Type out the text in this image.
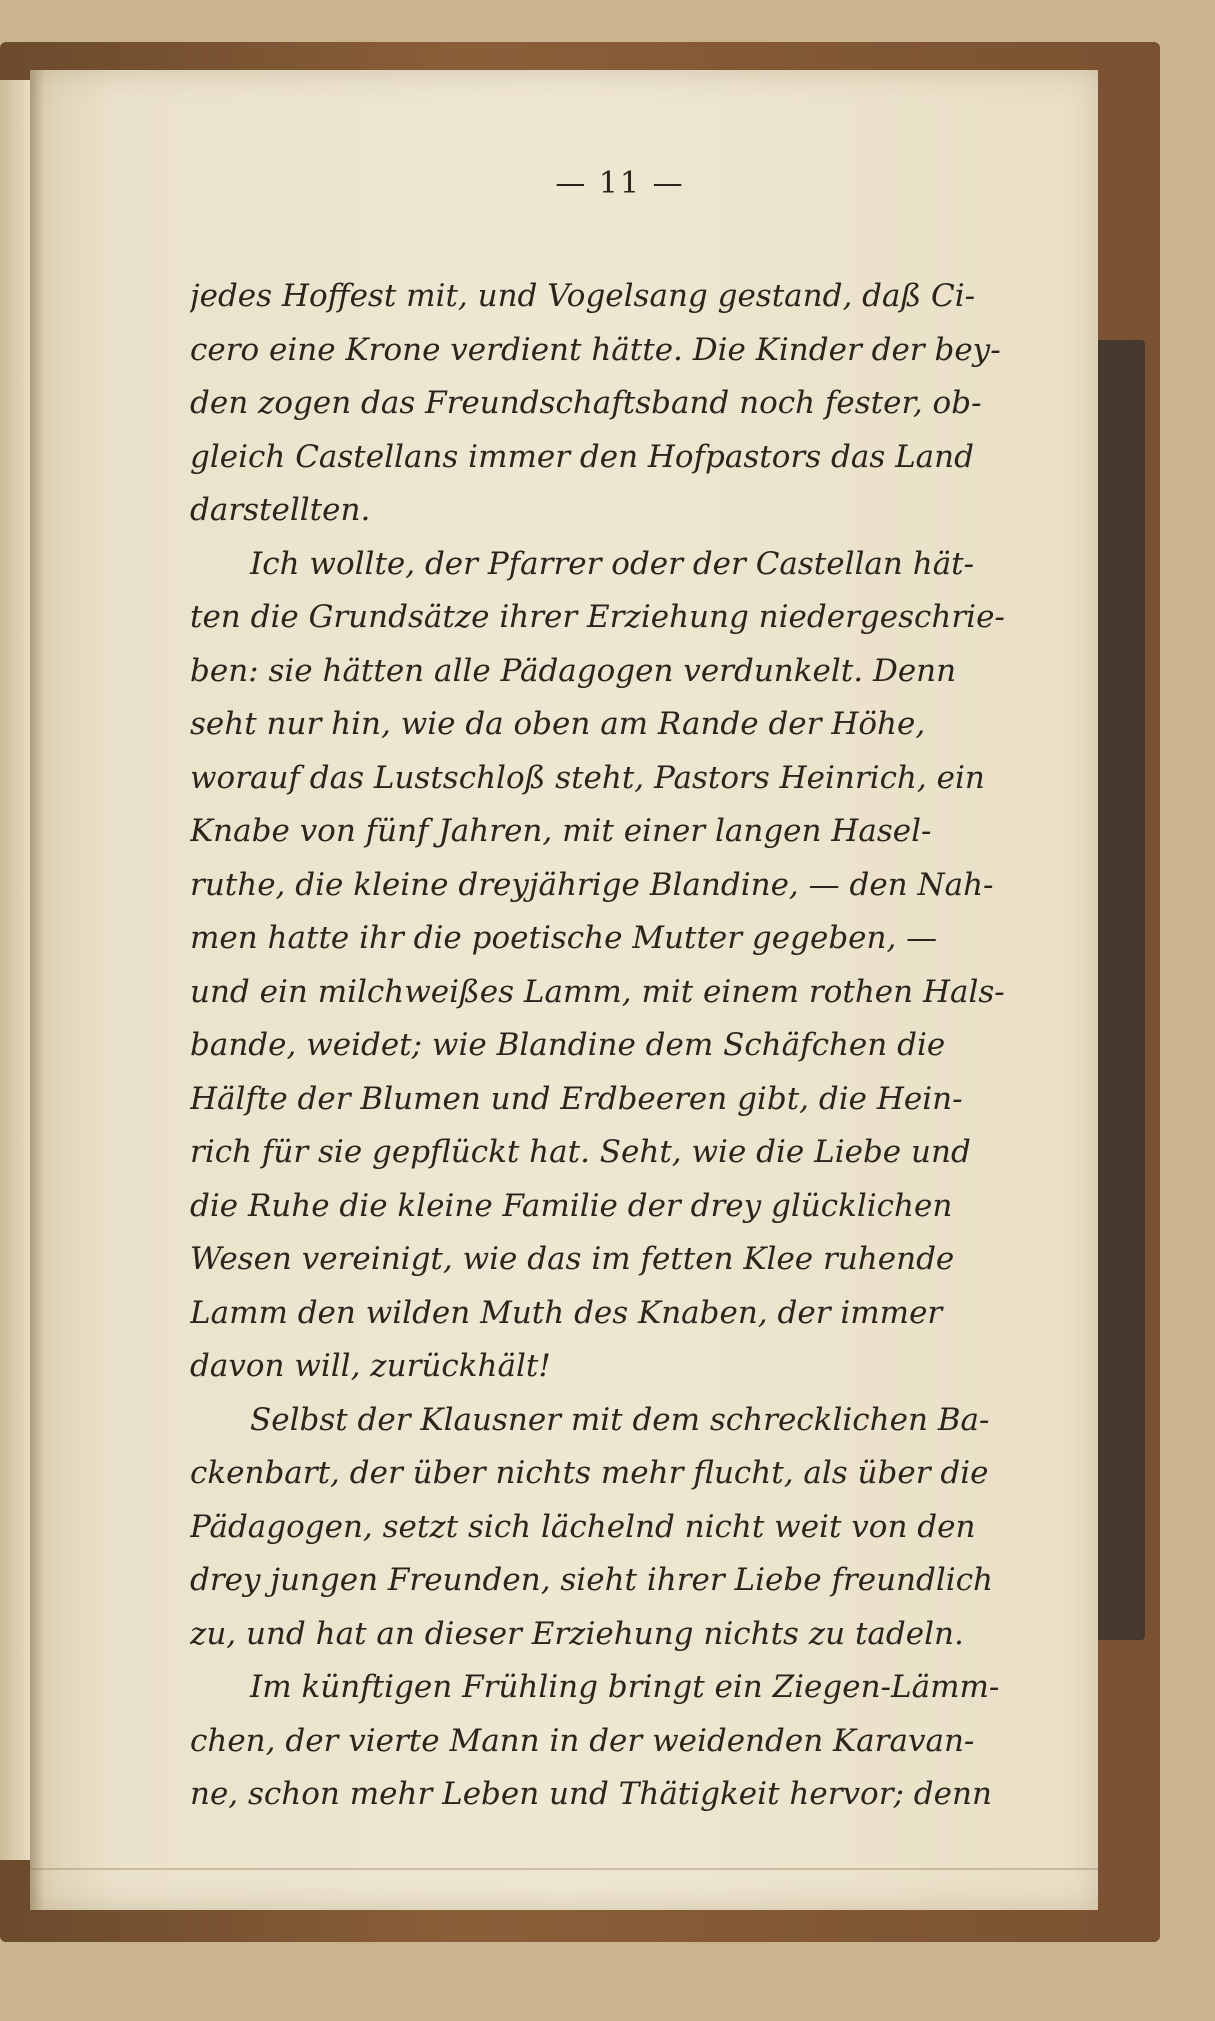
— 11 —
jedes Hoffest mit, und Vogelsang gestand, daß Ci-
cero eine Krone verdient hätte. Die Kinder der bey-
den zogen das Freundschaftsband noch fester, ob-
gleich Castellans immer den Hofpastors das Land
darstellten.
Ich wollte, der Pfarrer oder der Castellan hät-
ten die Grundsätze ihrer Erziehung niedergeschrie-
ben: sie hätten alle Pädagogen verdunkelt. Denn
seht nur hin, wie da oben am Rande der Höhe,
worauf das Lustschloß steht, Pastors Heinrich, ein
Knabe von fünf Jahren, mit einer langen Hasel-
ruthe, die kleine dreyjährige Blandine, — den Nah-
men hatte ihr die poetische Mutter gegeben, —
und ein milchweißes Lamm, mit einem rothen Hals-
bande, weidet; wie Blandine dem Schäfchen die
Hälfte der Blumen und Erdbeeren gibt, die Hein-
rich für sie gepflückt hat. Seht, wie die Liebe und
die Ruhe die kleine Familie der drey glücklichen
Wesen vereinigt, wie das im fetten Klee ruhende
Lamm den wilden Muth des Knaben, der immer
davon will, zurückhält!
Selbst der Klausner mit dem schrecklichen Ba-
ckenbart, der über nichts mehr flucht, als über die
Pädagogen, setzt sich lächelnd nicht weit von den
drey jungen Freunden, sieht ihrer Liebe freundlich
zu, und hat an dieser Erziehung nichts zu tadeln.
Im künftigen Frühling bringt ein Ziegen-Lämm-
chen, der vierte Mann in der weidenden Karavan-
ne, schon mehr Leben und Thätigkeit hervor; denn
